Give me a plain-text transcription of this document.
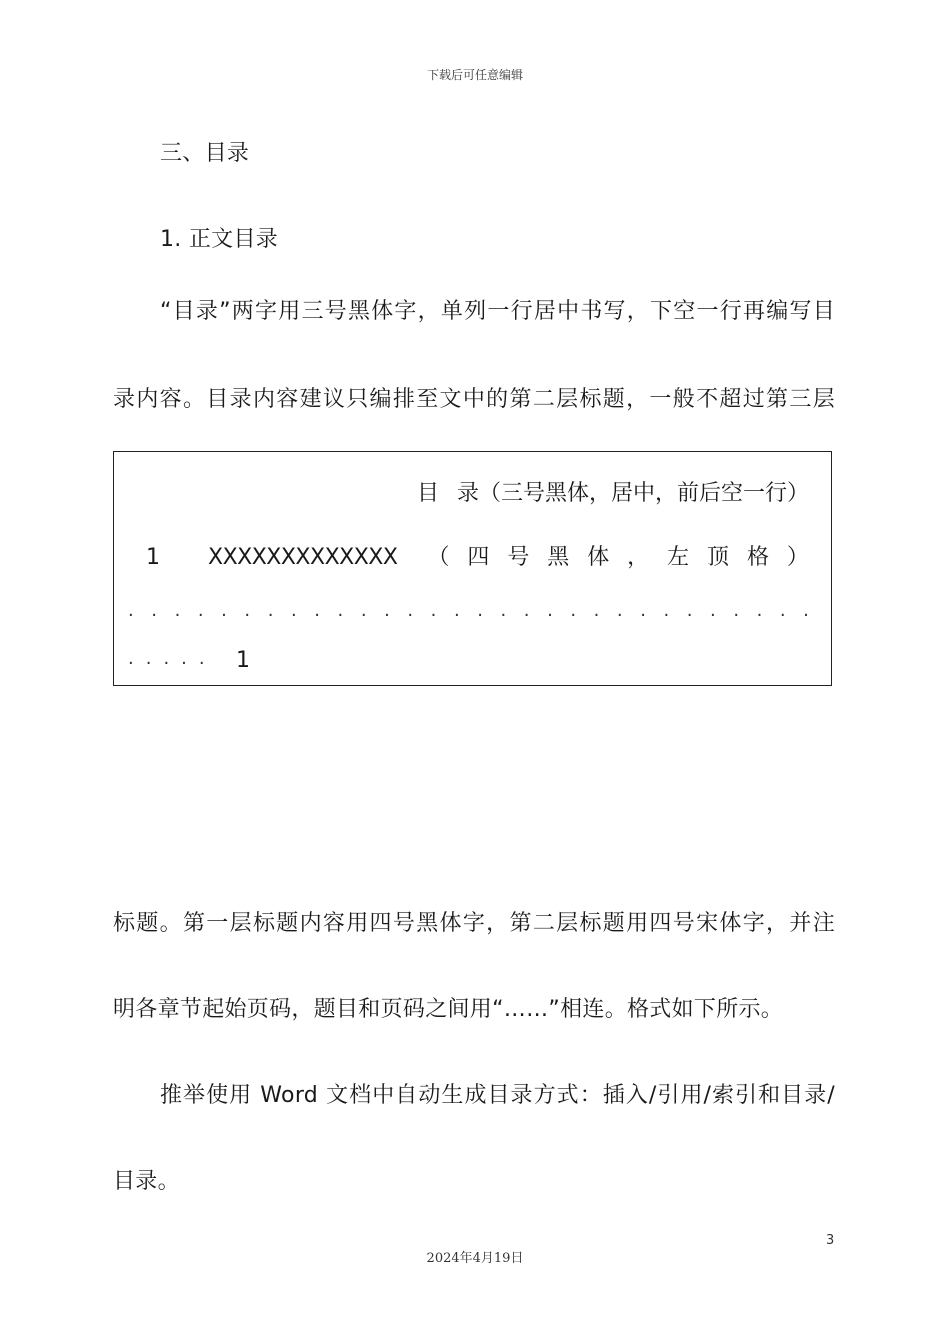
下载后可任意编辑
三、目录
1. 正文目录
“目录”两字用三号黑体字，单列一行居中书写，下空一行再编写目
录内容。目录内容建议只编排至文中的第二层标题，一般不超过第三层
目 录（三号黑体，居中，前后空一行）
1	XXXXXXXXXXXXX （ 四 号 黑 体 ， 左 顶 格 ）
. . . . . . . . . . . . . . . . . . . . . . . . . . . . . .
..... 1
标题。第一层标题内容用四号黑体字，第二层标题用四号宋体字，并注
明各章节起始页码，题目和页码之间用“……”相连。格式如下所示。
推举使用 Word 文档中自动生成目录方式：插入/引用/索引和目录/
目录。
3
2024年4月19日
